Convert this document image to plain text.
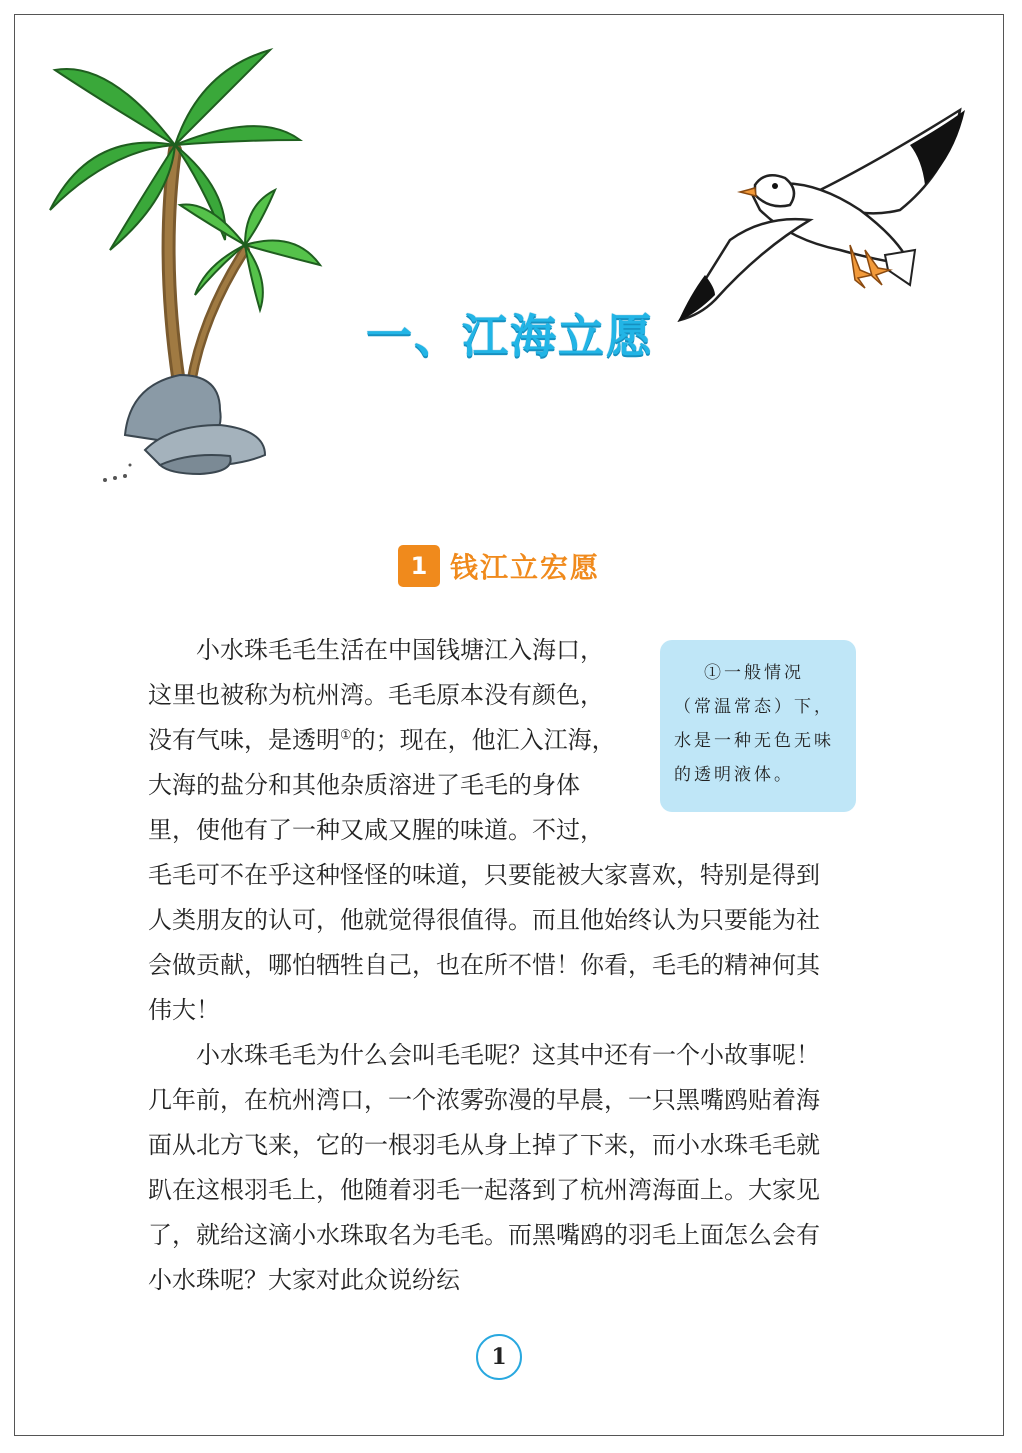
一、江海立愿
1 钱江立宏愿
①一般情况
（常温常态）下，
水是一种无色无味
的透明液体。

小水珠毛毛生活在中国钱塘江入海口，
这里也被称为杭州湾。毛毛原本没有颜色，
没有气味，是透明①的；现在，他汇入江海，
大海的盐分和其他杂质溶进了毛毛的身体
里，使他有了一种又咸又腥的味道。不过，
毛毛可不在乎这种怪怪的味道，只要能被大家喜欢，特别是得到
人类朋友的认可，他就觉得很值得。而且他始终认为只要能为社
会做贡献，哪怕牺牲自己，也在所不惜！你看，毛毛的精神何其
伟大！

小水珠毛毛为什么会叫毛毛呢？这其中还有一个小故事呢！
几年前，在杭州湾口，一个浓雾弥漫的早晨，一只黑嘴鸥贴着海
面从北方飞来，它的一根羽毛从身上掉了下来，而小水珠毛毛就
趴在这根羽毛上，他随着羽毛一起落到了杭州湾海面上。大家见
了，就给这滴小水珠取名为毛毛。而黑嘴鸥的羽毛上面怎么会有
小水珠呢？大家对此众说纷纭

1
